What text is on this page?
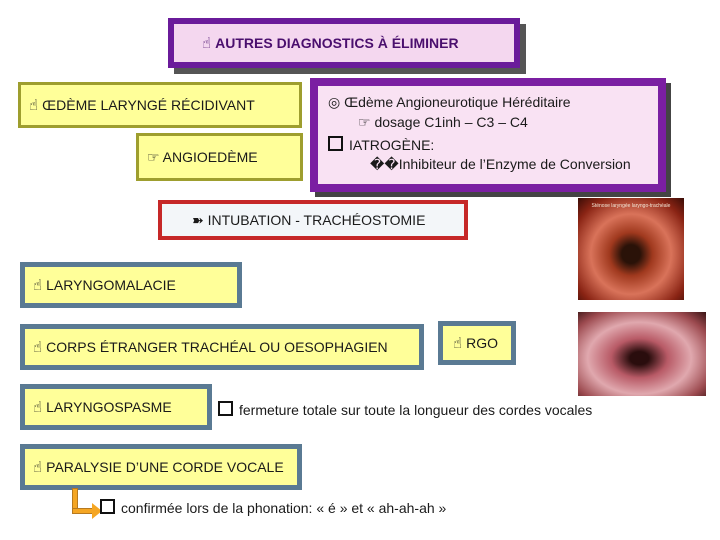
☝ AUTRES DIAGNOSTICS À ÉLIMINER
☝ ŒDÈME LARYNGÉ RÉCIDIVANT
☞ ANGIOEDÈME
◎ Œdème Angioneurotique Héréditaire
☞ dosage C1inh – C3 – C4
IATROGÈNE:
��Inhibiteur de l’Enzyme de Conversion
➽ INTUBATION - TRACHÉOSTOMIE
☝ LARYNGOMALACIE
☝ CORPS ÉTRANGER TRACHÉAL OU OESOPHAGIEN	☝ RGO
☝ LARYNGOSPASME	fermeture totale sur toute la longueur des cordes vocales
☝ PARALYSIE D’UNE CORDE VOCALE
confirmée lors de la phonation: « é » et « ah-ah-ah »
Sténose laryngée laryngo-trachéale
